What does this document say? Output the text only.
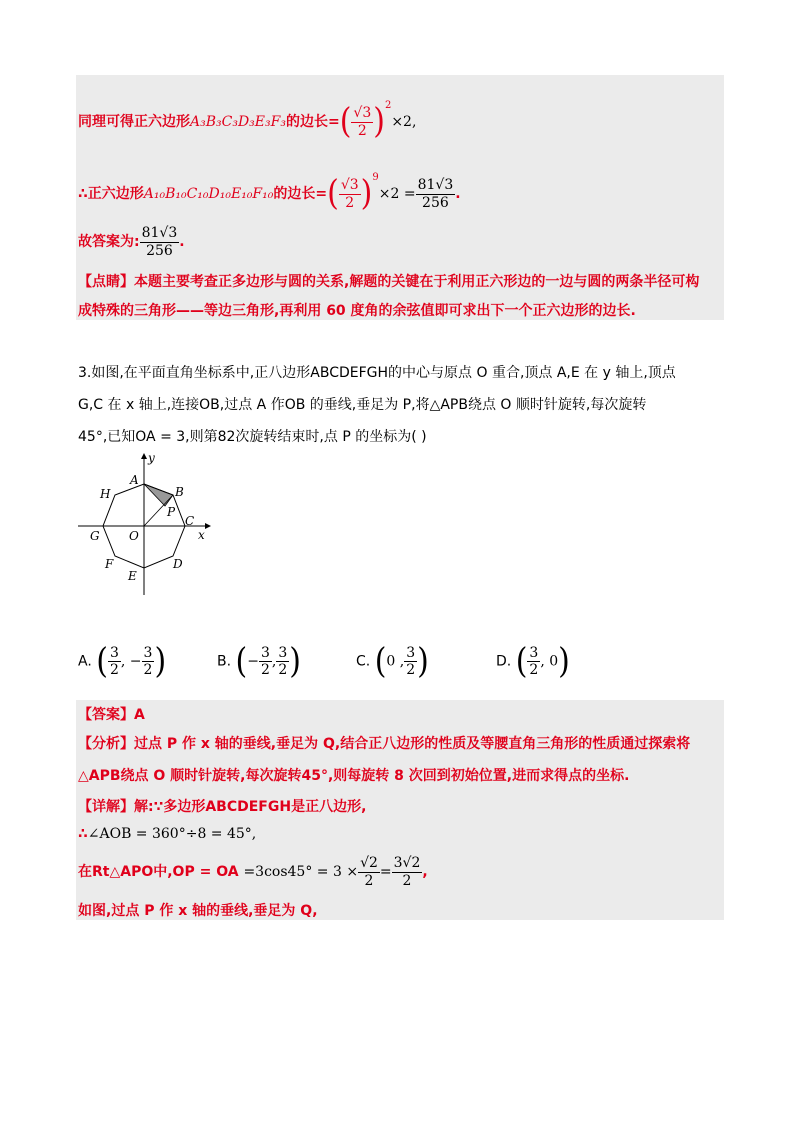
同理可得正六边形A₃B₃C₃D₃E₃F₃的边长=( $\frac{√3}{2} )^2\times 2$,
∴正六边形A₁₀B₁₀C₁₀D₁₀E₁₀F₁₀的边长=( $\frac{√3}{2} )^9\times 2 = \frac{81√3}{256}$ .
故答案为: $\frac{81√3}{256}$ .
【点睛】本题主要考查正多边形与圆的关系,解题的关键在于利用正六形边的一边与圆的两条半径可构
成特殊的三角形——等边三角形,再利用 60 度角的余弦值即可求出下一个正六边形的边长.
3.如图,在平面直角坐标系中,正八边形ABCDEFGH的中心与原点 O 重合,顶点 A,E 在 y 轴上,顶点
G,C 在 x 轴上,连接OB,过点 A 作OB 的垂线,垂足为 P,将△APB绕点 O 顺时针旋转,每次旋转
45°,已知OA = 3,则第82次旋转结束时,点 P 的坐标为( )
y
A
B
H
P
C
x
G O
F	D
E
A. ( $\frac{3}{2}$ , − $\frac{3}{2}$ )	B. (− $\frac{3}{2}$ , $\frac{3}{2}$ )	C. (0 , $\frac{3}{2}$ )	D. ( $\frac{3}{2}$ , 0)
【答案】A
【分析】过点 P 作 x 轴的垂线,垂足为 Q,结合正八边形的性质及等腰直角三角形的性质通过探索将
△APB绕点 O 顺时针旋转,每次旋转45°,则每旋转 8 次回到初始位置,进而求得点的坐标.
【详解】解:∵多边形ABCDEFGH是正八边形,
∴∠AOB = 360°÷8 = 45°,
在Rt△APO中,OP = OA $=3\cos 45^\circ = 3 \times \frac{√2}{2} = \frac{3√2}{2}$ ,
如图,过点 P 作 x 轴的垂线,垂足为 Q,
